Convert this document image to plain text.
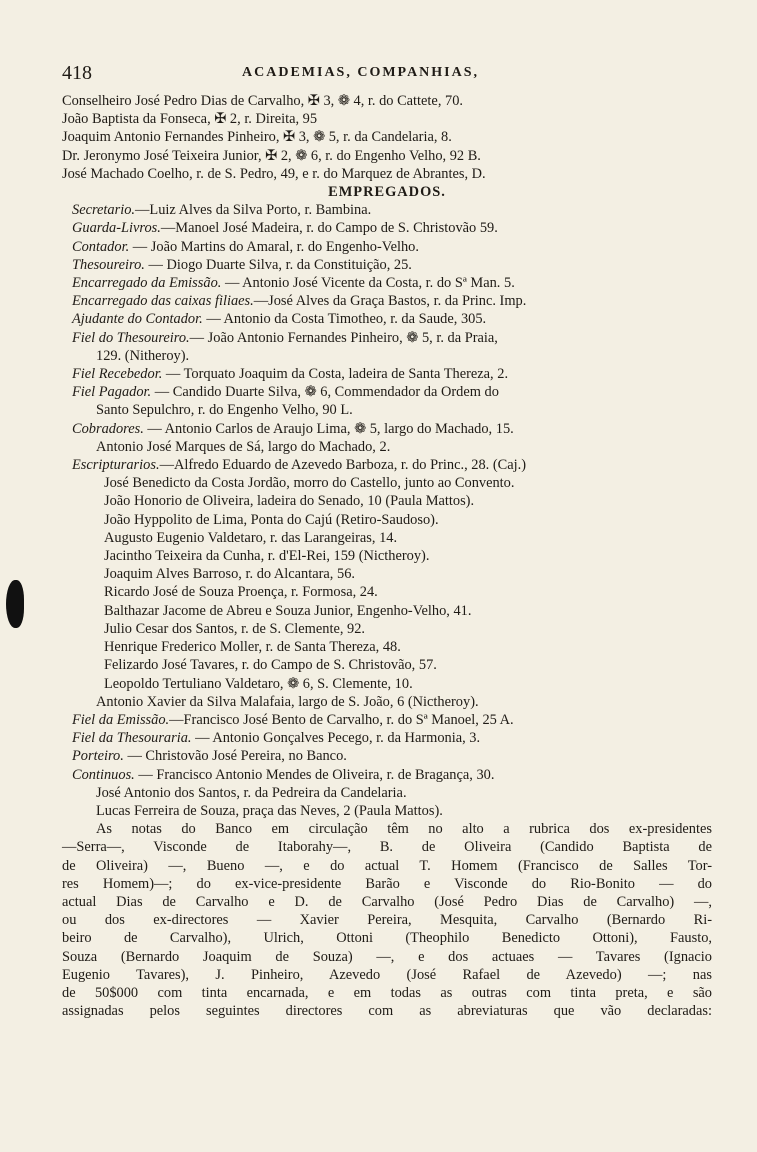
418	ACADEMIAS, COMPANHIAS,
Conselheiro José Pedro Dias de Carvalho, ✠ 3, ❁ 4, r. do Cattete, 70.
João Baptista da Fonseca, ✠ 2, r. Direita, 95
Joaquim Antonio Fernandes Pinheiro, ✠ 3, ❁ 5, r. da Candelaria, 8.
Dr. Jeronymo José Teixeira Junior, ✠ 2, ❁ 6, r. do Engenho Velho, 92 B.
José Machado Coelho, r. de S. Pedro, 49, e r. do Marquez de Abrantes, D.
EMPREGADOS.
Secretario.—Luiz Alves da Silva Porto, r. Bambina.
Guarda-Livros.—Manoel José Madeira, r. do Campo de S. Christovão 59.
Contador. — João Martins do Amaral, r. do Engenho-Velho.
Thesoureiro. — Diogo Duarte Silva, r. da Constituição, 25.
Encarregado da Emissão. — Antonio José Vicente da Costa, r. do Sª Man. 5.
Encarregado das caixas filiaes.—José Alves da Graça Bastos, r. da Princ. Imp.
Ajudante do Contador. — Antonio da Costa Timotheo, r. da Saude, 305.
Fiel do Thesoureiro.— João Antonio Fernandes Pinheiro, ❁ 5, r. da Praia,
129. (Nitheroy).
Fiel Recebedor. — Torquato Joaquim da Costa, ladeira de Santa Thereza, 2.
Fiel Pagador. — Candido Duarte Silva, ❁ 6, Commendador da Ordem do
Santo Sepulchro, r. do Engenho Velho, 90 L.
Cobradores. — Antonio Carlos de Araujo Lima, ❁ 5, largo do Machado, 15.
Antonio José Marques de Sá, largo do Machado, 2.
Escripturarios.—Alfredo Eduardo de Azevedo Barboza, r. do Princ., 28. (Caj.)
José Benedicto da Costa Jordão, morro do Castello, junto ao Convento.
João Honorio de Oliveira, ladeira do Senado, 10 (Paula Mattos).
João Hyppolito de Lima, Ponta do Cajú (Retiro-Saudoso).
Augusto Eugenio Valdetaro, r. das Larangeiras, 14.
Jacintho Teixeira da Cunha, r. d'El-Rei, 159 (Nictheroy).
Joaquim Alves Barroso, r. do Alcantara, 56.
Ricardo José de Souza Proença, r. Formosa, 24.
Balthazar Jacome de Abreu e Souza Junior, Engenho-Velho, 41.
Julio Cesar dos Santos, r. de S. Clemente, 92.
Henrique Frederico Moller, r. de Santa Thereza, 48.
Felizardo José Tavares, r. do Campo de S. Christovão, 57.
Leopoldo Tertuliano Valdetaro, ❁ 6, S. Clemente, 10.
Antonio Xavier da Silva Malafaia, largo de S. João, 6 (Nictheroy).
Fiel da Emissão.—Francisco José Bento de Carvalho, r. do Sª Manoel, 25 A.
Fiel da Thesouraria. — Antonio Gonçalves Pecego, r. da Harmonia, 3.
Porteiro. — Christovão José Pereira, no Banco.
Continuos. — Francisco Antonio Mendes de Oliveira, r. de Bragança, 30.
José Antonio dos Santos, r. da Pedreira da Candelaria.
Lucas Ferreira de Souza, praça das Neves, 2 (Paula Mattos).
As notas do Banco em circulação têm no alto a rubrica dos ex-presidentes
—Serra—, Visconde de Itaborahy—, B. de Oliveira (Candido Baptista de
de Oliveira) —, Bueno —, e do actual T. Homem (Francisco de Salles Tor-
res Homem)—; do ex-vice-presidente Barão e Visconde do Rio-Bonito — do
actual Dias de Carvalho e D. de Carvalho (José Pedro Dias de Carvalho) —,
ou dos ex-directores — Xavier Pereira, Mesquita, Carvalho (Bernardo Ri-
beiro de Carvalho), Ulrich, Ottoni (Theophilo Benedicto Ottoni), Fausto,
Souza (Bernardo Joaquim de Souza) —, e dos actuaes — Tavares (Ignacio
Eugenio Tavares), J. Pinheiro, Azevedo (José Rafael de Azevedo) —; nas
de 50$000 com tinta encarnada, e em todas as outras com tinta preta, e são
assignadas pelos seguintes directores com as abreviaturas que vão declaradas:
